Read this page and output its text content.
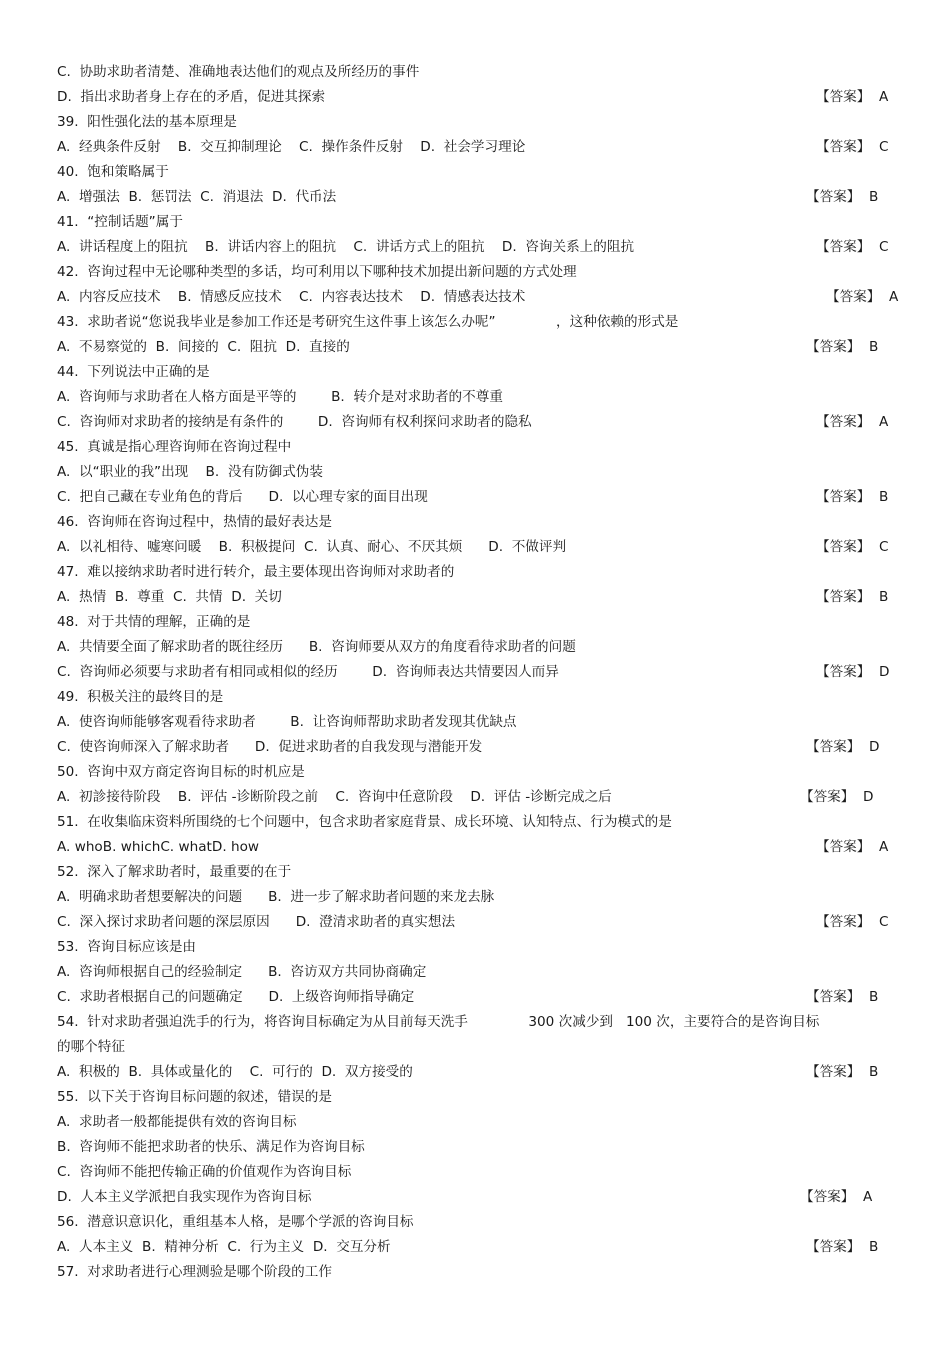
C.  协助求助者清楚、准确地表达他们的观点及所经历的事件
D.  指出求助者身上存在的矛盾，促进其探索	【答案】  A
39.  阳性强化法的基本原理是
A.  经典条件反射    B.  交互抑制理论    C.  操作条件反射    D.  社会学习理论	【答案】  C
40.  饱和策略属于
A.  增强法  B.  惩罚法  C.  消退法  D.  代币法	【答案】  B
41.  “控制话题”属于
A.  讲话程度上的阻抗    B.  讲话内容上的阻抗    C.  讲话方式上的阻抗    D.  咨询关系上的阻抗	【答案】  C
42.  咨询过程中无论哪种类型的多话，均可利用以下哪种技术加提出新问题的方式处理
A.  内容反应技术    B.  情感反应技术    C.  内容表达技术    D.  情感表达技术	【答案】  A
43.  求助者说“您说我毕业是参加工作还是考研究生这件事上该怎么办呢”              ，这种依赖的形式是
A.  不易察觉的  B.  间接的  C.  阻抗  D.  直接的	【答案】  B
44.  下列说法中正确的是
A.  咨询师与求助者在人格方面是平等的        B.  转介是对求助者的不尊重
C.  咨询师对求助者的接纳是有条件的        D.  咨询师有权利探问求助者的隐私	【答案】  A
45.  真诚是指心理咨询师在咨询过程中
A.  以“职业的我”出现    B.  没有防御式伪装
C.  把自己藏在专业角色的背后      D.  以心理专家的面目出现	【答案】  B
46.  咨询师在咨询过程中，热情的最好表达是
A.  以礼相待、嘘寒问暖    B.  积极提问  C.  认真、耐心、不厌其烦      D.  不做评判	【答案】  C
47.  难以接纳求助者时进行转介，最主要体现出咨询师对求助者的
A.  热情  B.  尊重  C.  共情  D.  关切	【答案】  B
48.  对于共情的理解，正确的是
A.  共情要全面了解求助者的既往经历      B.  咨询师要从双方的角度看待求助者的问题
C.  咨询师必须要与求助者有相同或相似的经历        D.  咨询师表达共情要因人而异	【答案】  D
49.  积极关注的最终目的是
A.  使咨询师能够客观看待求助者        B.  让咨询师帮助求助者发现其优缺点
C.  使咨询师深入了解求助者      D.  促进求助者的自我发现与潜能开发	【答案】  D
50.  咨询中双方商定咨询目标的时机应是
A.  初診接待阶段    B.  评估 -诊断阶段之前    C.  咨询中任意阶段    D.  评估 -诊断完成之后	【答案】  D
51.  在收集临床资料所围绕的七个问题中，包含求助者家庭背景、成长环境、认知特点、行为模式的是
A. whoB. whichC. whatD. how	【答案】  A
52.  深入了解求助者时，最重要的在于
A.  明确求助者想要解决的问题      B.  进一步了解求助者问题的来龙去脉
C.  深入探讨求助者问题的深层原因      D.  澄清求助者的真实想法	【答案】  C
53.  咨询目标应该是由
A.  咨询师根据自己的经验制定      B.  咨访双方共同协商确定
C.  求助者根据自己的问题确定      D.  上级咨询师指导确定	【答案】  B
54.  针对求助者强迫洗手的行为，将咨询目标确定为从目前每天洗手              300 次减少到   100 次，主要符合的是咨询目标
的哪个特征
A.  积极的  B.  具体或量化的    C.  可行的  D.  双方接受的	【答案】  B
55.  以下关于咨询目标问题的叙述，错误的是
A.  求助者一般都能提供有效的咨询目标
B.  咨询师不能把求助者的快乐、满足作为咨询目标
C.  咨询师不能把传输正确的价值观作为咨询目标
D.  人本主义学派把自我实现作为咨询目标	【答案】  A
56.  潜意识意识化，重组基本人格，是哪个学派的咨询目标
A.  人本主义  B.  精神分析  C.  行为主义  D.  交互分析	【答案】  B
57.  对求助者进行心理测验是哪个阶段的工作
